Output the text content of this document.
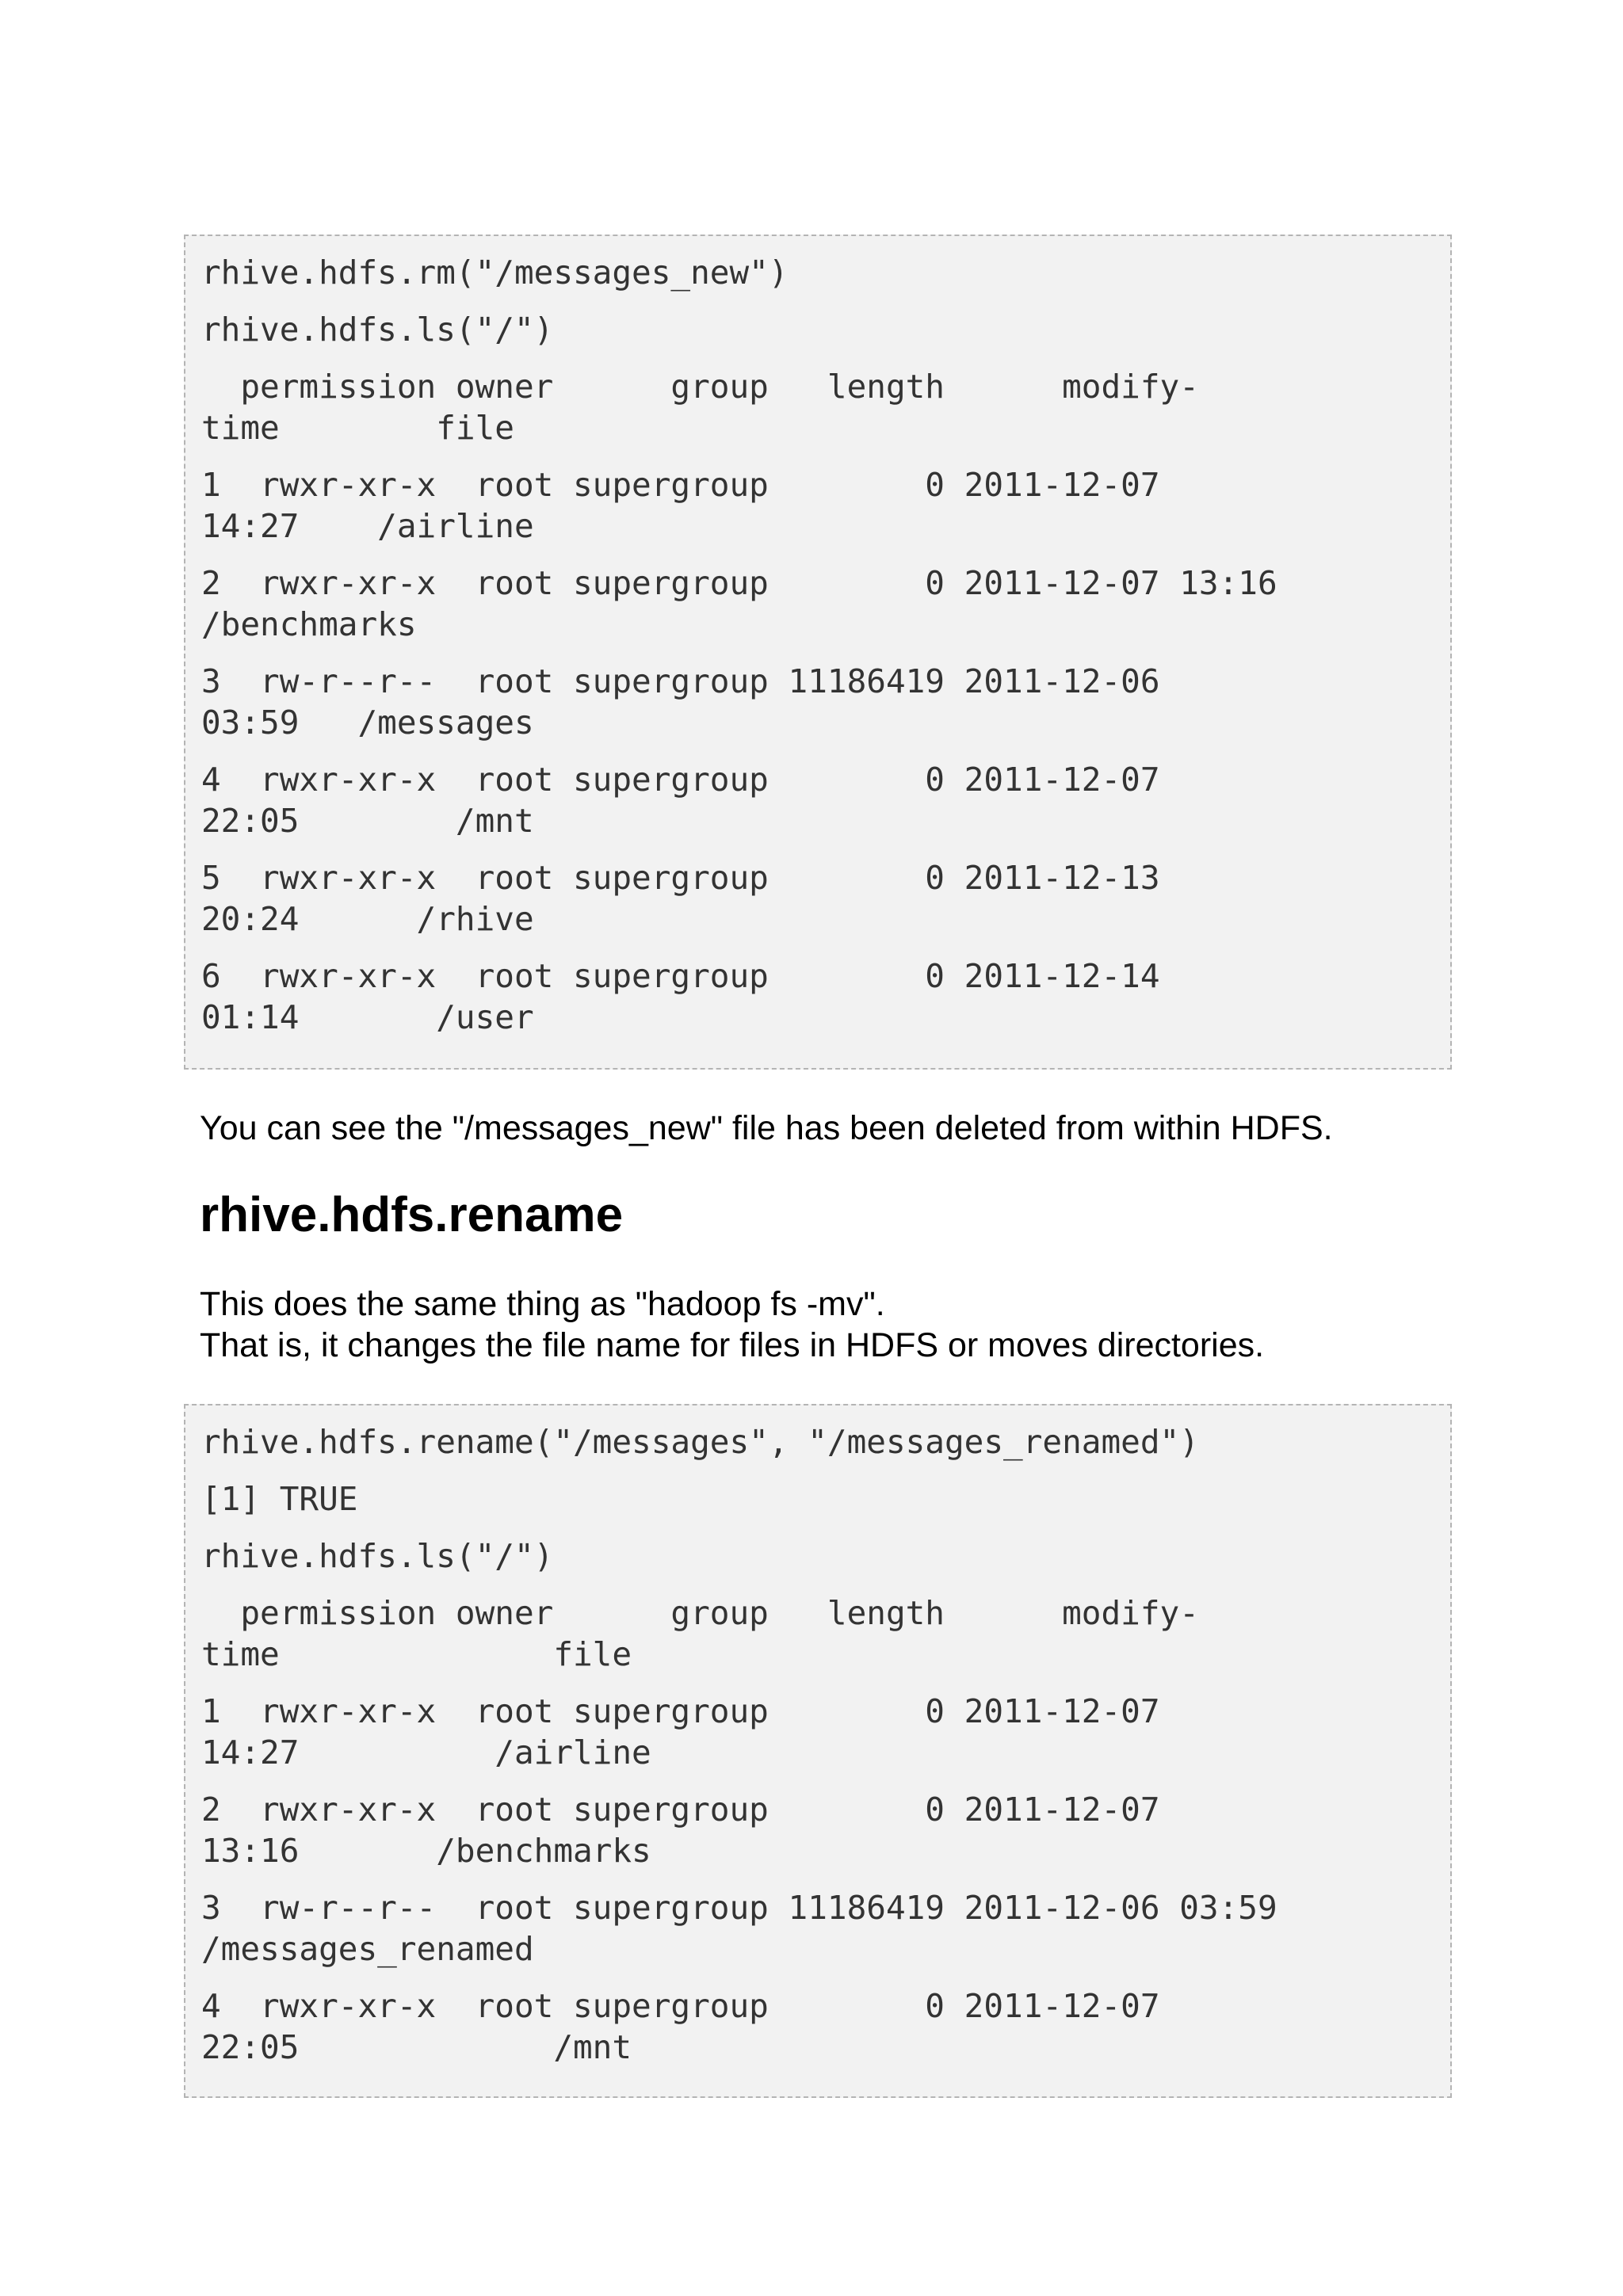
rhive.hdfs.rm("/messages_new")
rhive.hdfs.ls("/")
permission owner      group   length      modify-
time        file
1  rwxr-xr-x  root supergroup        0 2011-12-07
14:27    /airline
2  rwxr-xr-x  root supergroup        0 2011-12-07 13:16
/benchmarks
3  rw-r--r--  root supergroup 11186419 2011-12-06
03:59   /messages
4  rwxr-xr-x  root supergroup        0 2011-12-07
22:05        /mnt
5  rwxr-xr-x  root supergroup        0 2011-12-13
20:24      /rhive
6  rwxr-xr-x  root supergroup        0 2011-12-14
01:14       /user

You can see the "/messages_new" file has been deleted from within HDFS.

rhive.hdfs.rename

This does the same thing as "hadoop fs -mv".
That is, it changes the file name for files in HDFS or moves directories.

rhive.hdfs.rename("/messages", "/messages_renamed")
[1] TRUE
rhive.hdfs.ls("/")
permission owner      group   length      modify-
time              file
1  rwxr-xr-x  root supergroup        0 2011-12-07
14:27          /airline
2  rwxr-xr-x  root supergroup        0 2011-12-07
13:16       /benchmarks
3  rw-r--r--  root supergroup 11186419 2011-12-06 03:59
/messages_renamed
4  rwxr-xr-x  root supergroup        0 2011-12-07
22:05             /mnt
